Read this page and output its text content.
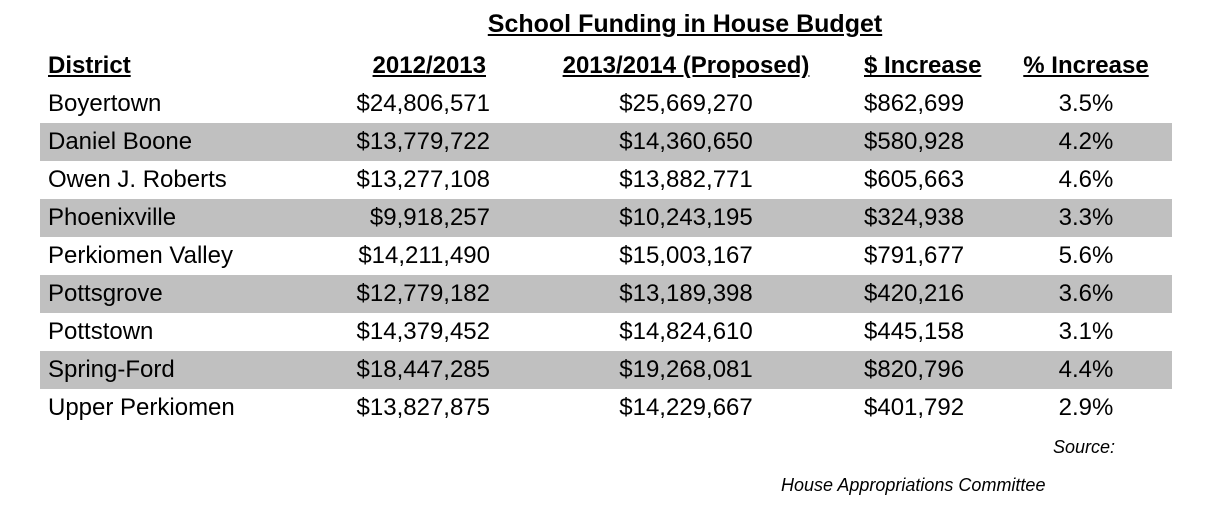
School Funding in House Budget
District	2012/2013	2013/2014 (Proposed)	$ Increase % Increase
Boyertown	$24,806,571	$25,669,270	$862,699	3.5%
Daniel Boone	$13,779,722	$14,360,650	$580,928	4.2%
Owen J. Roberts	$13,277,108	$13,882,771	$605,663	4.6%
Phoenixville	$9,918,257	$10,243,195	$324,938	3.3%
Perkiomen Valley	$14,211,490	$15,003,167	$791,677	5.6%
Pottsgrove	$12,779,182	$13,189,398	$420,216	3.6%
Pottstown	$14,379,452	$14,824,610	$445,158	3.1%
Spring-Ford	$18,447,285	$19,268,081	$820,796	4.4%
Upper Perkiomen	$13,827,875	$14,229,667	$401,792	2.9%
Source:
House Appropriations Committee
